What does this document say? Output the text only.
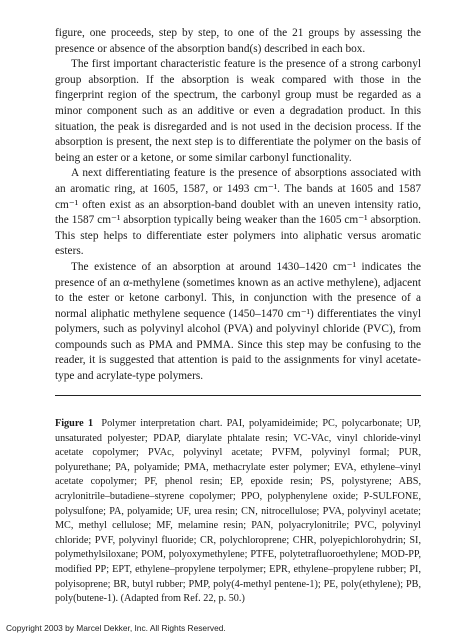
figure, one proceeds, step by step, to one of the 21 groups by assessing the presence or absence of the absorption band(s) described in each box.

The first important characteristic feature is the presence of a strong carbonyl group absorption. If the absorption is weak compared with those in the fingerprint region of the spectrum, the carbonyl group must be regarded as a minor component such as an additive or even a degradation product. In this situation, the peak is disregarded and is not used in the decision process. If the absorption is present, the next step is to differentiate the polymer on the basis of being an ester or a ketone, or some similar carbonyl functionality.

A next differentiating feature is the presence of absorptions associated with an aromatic ring, at 1605, 1587, or 1493 cm⁻¹. The bands at 1605 and 1587 cm⁻¹ often exist as an absorption-band doublet with an uneven intensity ratio, the 1587 cm⁻¹ absorption typically being weaker than the 1605 cm⁻¹ absorption. This step helps to differentiate ester polymers into aliphatic versus aromatic esters.

The existence of an absorption at around 1430–1420 cm⁻¹ indicates the presence of an α-methylene (sometimes known as an active methylene), adjacent to the ester or ketone carbonyl. This, in conjunction with the presence of a normal aliphatic methylene sequence (1450–1470 cm⁻¹) differentiates the vinyl polymers, such as polyvinyl alcohol (PVA) and polyvinyl chloride (PVC), from compounds such as PMA and PMMA. Since this step may be confusing to the reader, it is suggested that attention is paid to the assignments for vinyl acetate-type and acrylate-type polymers.

Figure 1 Polymer interpretation chart. PAI, polyamideimide; PC, polycarbonate; UP, unsaturated polyester; PDAP, diarylate phtalate resin; VC-VAc, vinyl chloride-vinyl acetate copolymer; PVAc, polyvinyl acetate; PVFM, polyvinyl formal; PUR, polyurethane; PA, polyamide; PMA, methacrylate ester polymer; EVA, ethylene–vinyl acetate copolymer; PF, phenol resin; EP, epoxide resin; PS, polystyrene; ABS, acrylonitrile–butadiene–styrene copolymer; PPO, polyphenylene oxide; P-SULFONE, polysulfone; PA, polyamide; UF, urea resin; CN, nitrocellulose; PVA, polyvinyl acetate; MC, methyl cellulose; MF, melamine resin; PAN, polyacrylonitrile; PVC, polyvinyl chloride; PVF, polyvinyl fluoride; CR, polychloroprene; CHR, polyepichlorohydrin; SI, polymethylsiloxane; POM, polyoxymethylene; PTFE, polytetrafluoroethylene; MOD-PP, modified PP; EPT, ethylene–propylene terpolymer; EPR, ethylene–propylene rubber; PI, polyisoprene; BR, butyl rubber; PMP, poly(4-methyl pentene-1); PE, poly(ethylene); PB, poly(butene-1). (Adapted from Ref. 22, p. 50.)
Copyright 2003 by Marcel Dekker, Inc. All Rights Reserved.
